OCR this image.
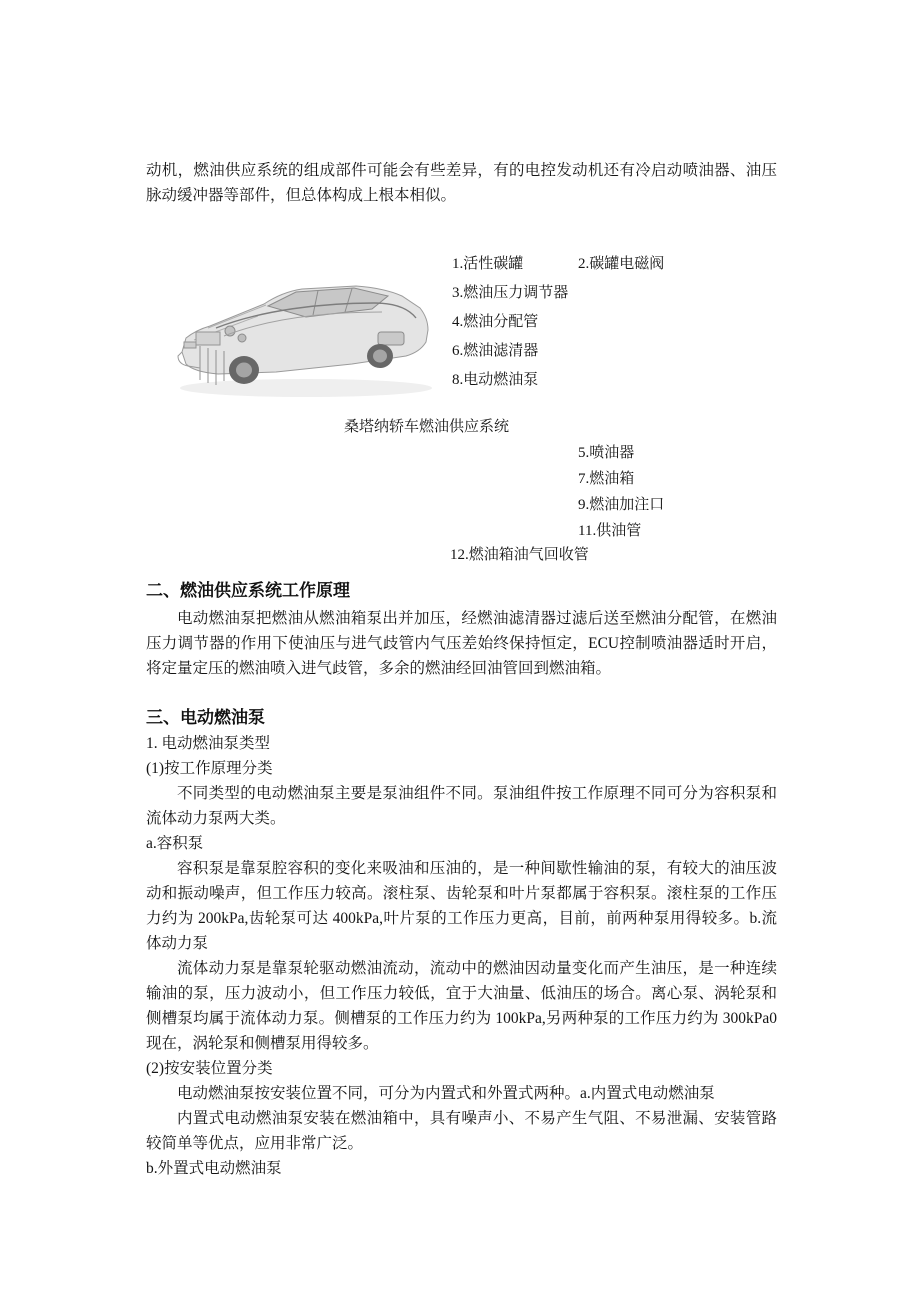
动机，燃油供应系统的组成部件可能会有些差异，有的电控发动机还有冷启动喷油器、油压脉动缓冲器等部件，但总体构成上根本相似。

1.活性碳罐
3.燃油压力调节器
4.燃油分配管
6.燃油滤清器
8.电动燃油泵
2.碳罐电磁阀
桑塔纳轿车燃油供应系统
5.喷油器
7.燃油箱
9.燃油加注口
11.供油管
12.燃油箱油气回收管
二、燃油供应系统工作原理

电动燃油泵把燃油从燃油箱泵出并加压，经燃油滤清器过滤后送至燃油分配管，在燃油压力调节器的作用下使油压与进气歧管内气压差始终保持恒定，ECU控制喷油器适时开启，将定量定压的燃油喷入进气歧管，多余的燃油经回油管回到燃油箱。

三、电动燃油泵

1. 电动燃油泵类型

(1)按工作原理分类

不同类型的电动燃油泵主要是泵油组件不同。泵油组件按工作原理不同可分为容积泵和流体动力泵两大类。

a.容积泵

容积泵是靠泵腔容积的变化来吸油和压油的，是一种间歇性输油的泵，有较大的油压波动和振动噪声，但工作压力较高。滚柱泵、齿轮泵和叶片泵都属于容积泵。滚柱泵的工作压力约为 200kPa,齿轮泵可达 400kPa,叶片泵的工作压力更高，目前，前两种泵用得较多。b.流体动力泵

流体动力泵是靠泵轮驱动燃油流动，流动中的燃油因动量变化而产生油压，是一种连续输油的泵，压力波动小，但工作压力较低，宜于大油量、低油压的场合。离心泵、涡轮泵和侧槽泵均属于流体动力泵。侧槽泵的工作压力约为 100kPa,另两种泵的工作压力约为 300kPa0 现在，涡轮泵和侧槽泵用得较多。

(2)按安装位置分类

电动燃油泵按安装位置不同，可分为内置式和外置式两种。a.内置式电动燃油泵

内置式电动燃油泵安装在燃油箱中，具有噪声小、不易产生气阻、不易泄漏、安装管路较简单等优点，应用非常广泛。

b.外置式电动燃油泵
